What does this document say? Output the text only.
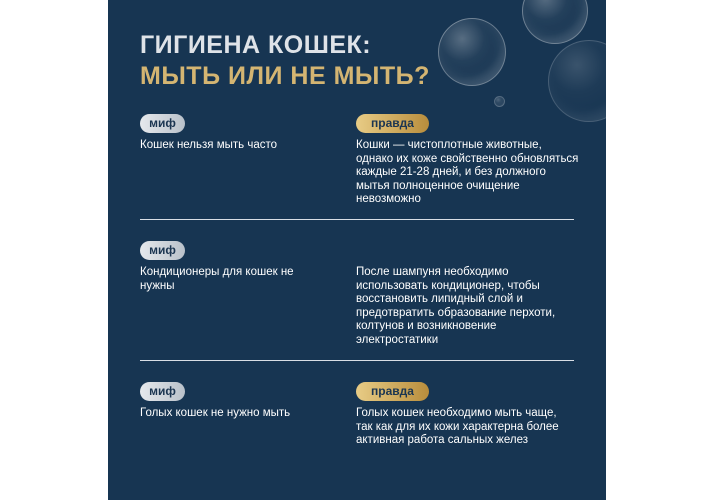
ГИГИЕНА КОШЕК:
МЫТЬ ИЛИ НЕ МЫТЬ?
миф
Кошек нельзя мыть часто
правда
Кошки — чистоплотные животные, однако их коже свойственно обновляться каждые 21-28 дней, и без должного мытья полноценное очищение невозможно
миф
Кондиционеры для кошек не нужны
После шампуня необходимо использовать кондиционер, чтобы восстановить липидный слой и предотвратить образование перхоти, колтунов и возникновение электростатики
миф
Голых кошек не нужно мыть
правда
Голых кошек необходимо мыть чаще, так как для их кожи характерна более активная работа сальных желез
